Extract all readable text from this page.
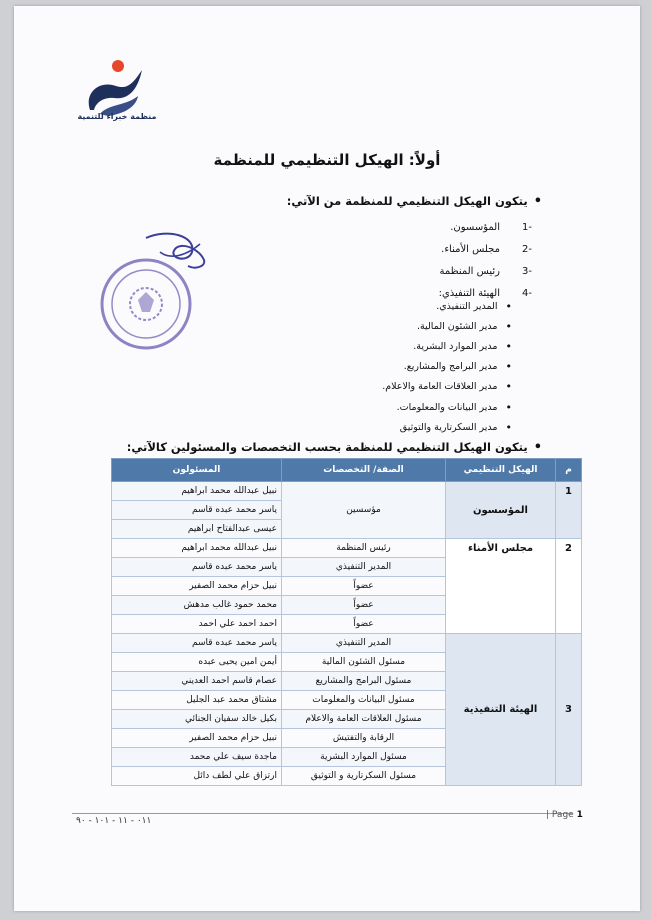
منظمة خبراء للتنمية
أولاً: الهيكل التنظيمي للمنظمة
• يتكون الهيكل التنظيمي للمنظمة من الآتي:
-1
المؤسسون.
-2
مجلس الأمناء.
-3
رئيس المنظمة
-4
الهيئة التنفيذي:
•
المدير التنفيذي.
•
مدير الشئون المالية.
•
مدير الموارد البشرية.
•
مدير البرامج والمشاريع.
•
مدير العلاقات العامة والاعلام.
•
مدير البيانات والمعلومات.
•
مدير السكرتارية والتوثيق
• يتكون الهيكل التنظيمي للمنظمة بحسب التخصصات والمسئولين كالآتي:
م	الهيكل التنظيمي	الصفة/ التخصصات	المسئولون
1	المؤسسون	مؤسسين	نبيل عبدالله محمد ابراهيم
			ياسر محمد عبده قاسم
			عيسى عبدالفتاح ابراهيم
2	مجلس الأمناء	رئيس المنظمة	نبيل عبدالله محمد ابراهيم
		المدير التنفيذي	ياسر محمد عبده قاسم
		عضواً	نبيل حزام محمد الصفير
		عضواً	محمد حمود غالب مدهش
		عضواً	احمد احمد علي احمد
3	الهيئة التنفيذية	المدير التنفيذي	ياسر محمد عبده قاسم
		مسئول الشئون المالية	أيمن امين يحيى عبده
		مسئول البرامج والمشاريع	عصام قاسم احمد العديني
		مسئول البيانات والمعلومات	مشتاق محمد عبد الجليل
		مسئول العلاقات العامة والاعلام	بكيل خالد سفيان الجنائي
		الرقابة والتفتيش	نبيل حزام محمد الصفير
		مسئول الموارد البشرية	ماجدة سيف علي محمد
		مسئول السكرتارية و التوثيق	ارتزاق علي لطف دائل
٠١١ - ١١ - ١٠١ - ٩٠
| Page 1
